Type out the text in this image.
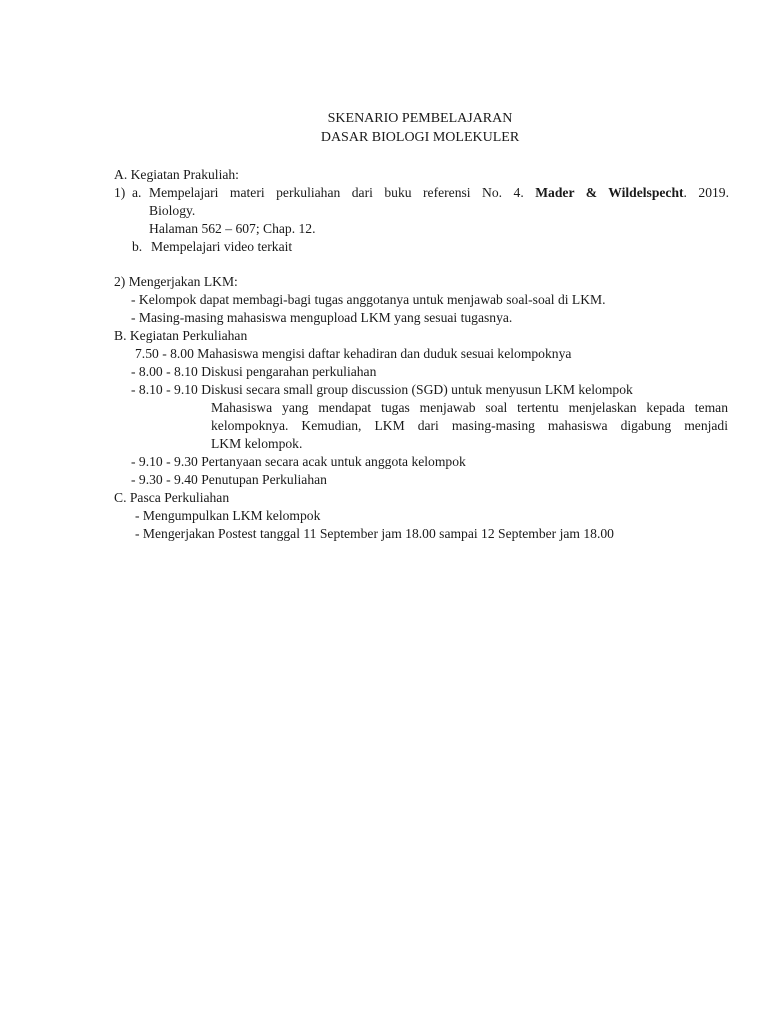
SKENARIO PEMBELAJARAN
DASAR BIOLOGI MOLEKULER
A. Kegiatan Prakuliah:
1) a. Mempelajari materi perkuliahan dari buku referensi No. 4. Mader & Wildelspecht. 2019.
Biology.
Halaman 562 – 607; Chap. 12.
b. Mempelajari video terkait
2) Mengerjakan LKM:
- Kelompok dapat membagi-bagi tugas anggotanya untuk menjawab soal-soal di LKM.
- Masing-masing mahasiswa mengupload LKM yang sesuai tugasnya.
B. Kegiatan Perkuliahan
7.50 - 8.00 Mahasiswa mengisi daftar kehadiran dan duduk sesuai kelompoknya
- 8.00 - 8.10 Diskusi pengarahan perkuliahan
- 8.10 - 9.10 Diskusi secara small group discussion (SGD) untuk menyusun LKM kelompok
Mahasiswa yang mendapat tugas menjawab soal tertentu menjelaskan kepada teman
kelompoknya. Kemudian, LKM dari masing-masing mahasiswa digabung menjadi
LKM kelompok.
- 9.10 - 9.30 Pertanyaan secara acak untuk anggota kelompok
- 9.30 - 9.40 Penutupan Perkuliahan
C. Pasca Perkuliahan
- Mengumpulkan LKM kelompok
- Mengerjakan Postest tanggal 11 September jam 18.00 sampai 12 September jam 18.00
